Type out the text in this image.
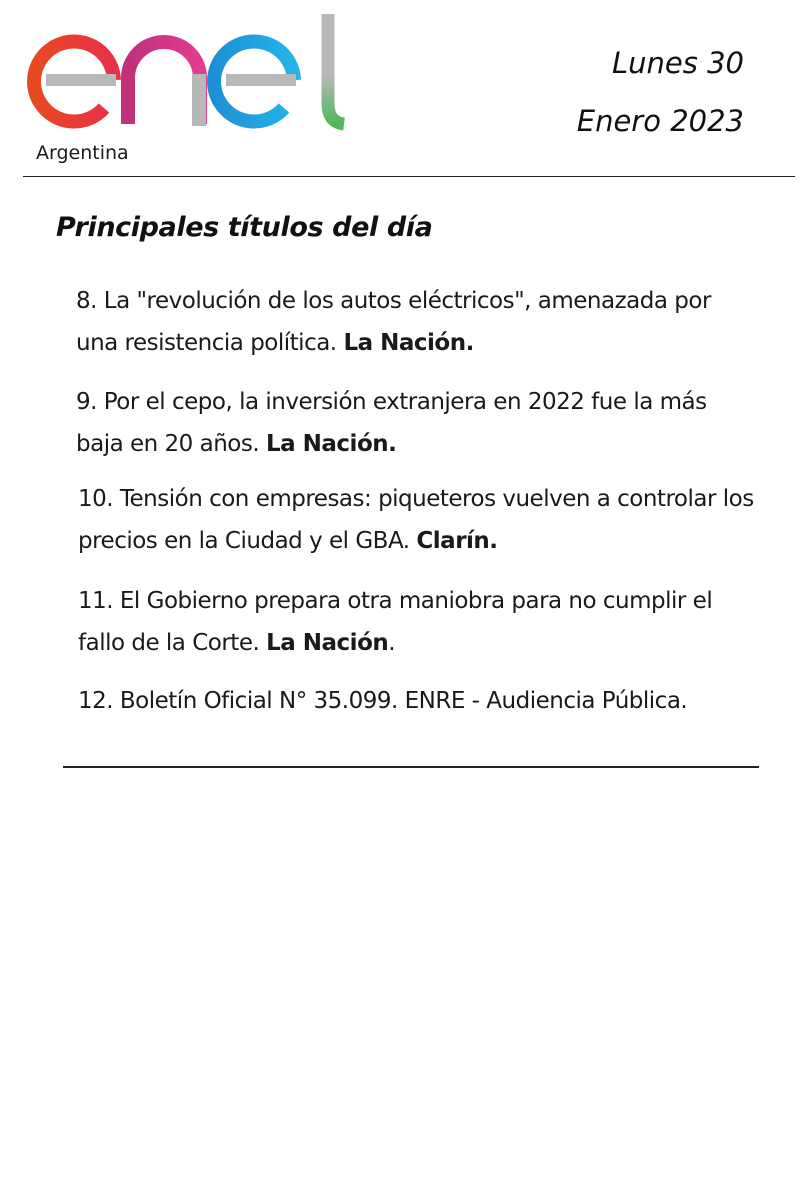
Argentina
Lunes 30
Enero 2023
Principales títulos del día
8. La "revolución de los autos eléctricos", amenazada por una resistencia política. La Nación.
9. Por el cepo, la inversión extranjera en 2022 fue la más baja en 20 años. La Nación.
10. Tensión con empresas: piqueteros vuelven a controlar los precios en la Ciudad y el GBA. Clarín.
11. El Gobierno prepara otra maniobra para no cumplir el fallo de la Corte. La Nación.
12. Boletín Oficial N° 35.099. ENRE - Audiencia Pública.
